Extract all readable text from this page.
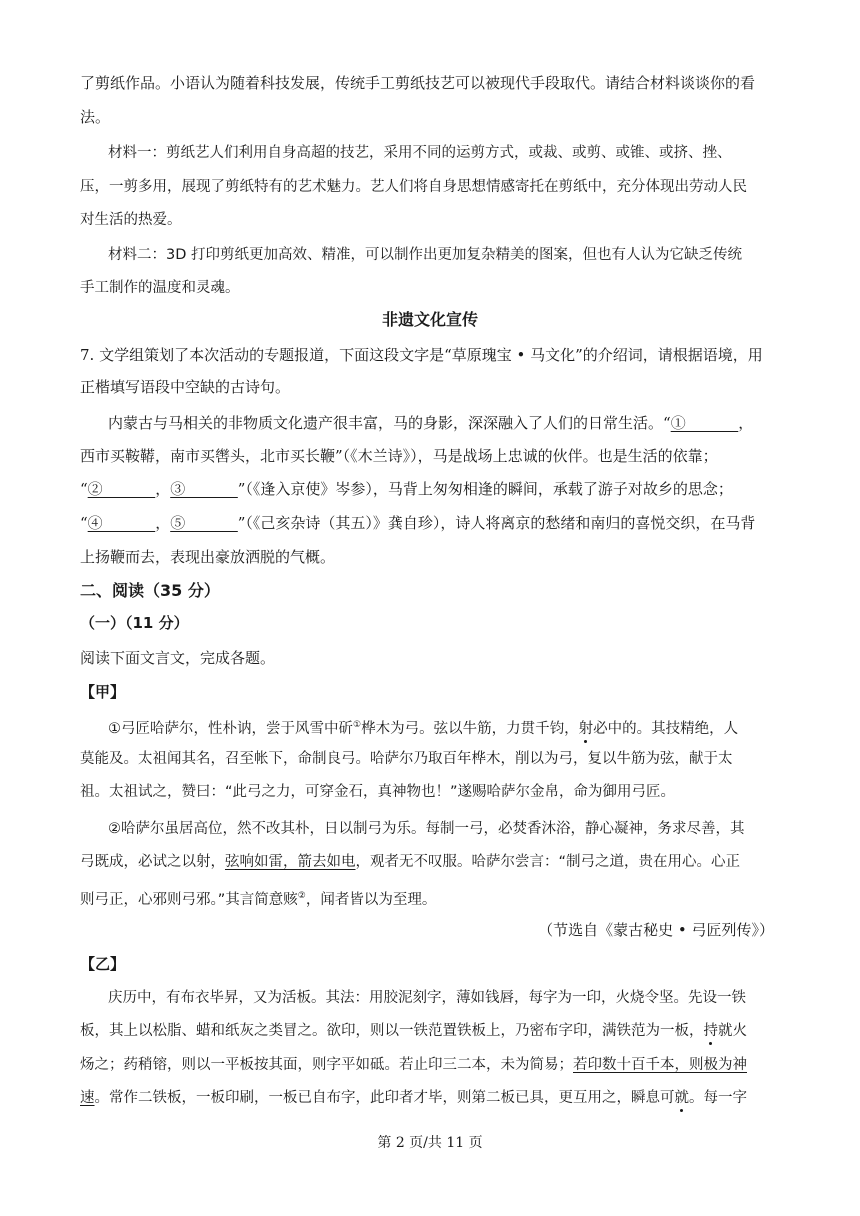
了剪纸作品。小语认为随着科技发展，传统手工剪纸技艺可以被现代手段取代。请结合材料谈谈你的看
法。
材料一：剪纸艺人们利用自身高超的技艺，采用不同的运剪方式，或裁、或剪、或锥、或挤、挫、
压，一剪多用，展现了剪纸特有的艺术魅力。艺人们将自身思想情感寄托在剪纸中，充分体现出劳动人民
对生活的热爱。
材料二：3D 打印剪纸更加高效、精准，可以制作出更加复杂精美的图案，但也有人认为它缺乏传统
手工制作的温度和灵魂。
非遗文化宣传
7. 文学组策划了本次活动的专题报道，下面这段文字是“草原瑰宝 • 马文化”的介绍词，请根据语境，用
正楷填写语段中空缺的古诗句。
内蒙古与马相关的非物质文化遗产很丰富，马的身影，深深融入了人们的日常生活。“①_______，
西市买鞍鞯，南市买辔头，北市买长鞭”（《木兰诗》），马是战场上忠诚的伙伴。也是生活的依靠；
“②_______，③_______”（《逢入京使》岑参），马背上匆匆相逢的瞬间，承载了游子对故乡的思念；
“④_______，⑤_______”（《己亥杂诗（其五）》龚自珍），诗人将离京的愁绪和南归的喜悦交织，在马背
上扬鞭而去，表现出豪放洒脱的气概。
二、阅读（35 分）
（一）（11 分）
阅读下面文言文，完成各题。
【甲】
①弓匠哈萨尔，性朴讷，尝于风雪中斫①桦木为弓。弦以牛筋，力贯千钧，射必中的。其技精绝，人
莫能及。太祖闻其名，召至帐下，命制良弓。哈萨尔乃取百年桦木，削以为弓，复以牛筋为弦，献于太
祖。太祖试之，赞曰：“此弓之力，可穿金石，真神物也！”遂赐哈萨尔金帛，命为御用弓匠。
②哈萨尔虽居高位，然不改其朴，日以制弓为乐。每制一弓，必焚香沐浴，静心凝神，务求尽善，其
弓既成，必试之以射，弦响如雷，箭去如电，观者无不叹服。哈萨尔尝言：“制弓之道，贵在用心。心正
则弓正，心邪则弓邪。”其言简意赅②，闻者皆以为至理。
（节选自《蒙古秘史 • 弓匠列传》）
【乙】
庆历中，有布衣毕昇，又为活板。其法：用胶泥刻字，薄如钱唇，每字为一印，火烧令坚。先设一铁
板，其上以松脂、蜡和纸灰之类冒之。欲印，则以一铁范置铁板上，乃密布字印，满铁范为一板，持就火
炀之；药稍镕，则以一平板按其面，则字平如砥。若止印三二本，未为简易；若印数十百千本，则极为神
速。常作二铁板，一板印刷，一板已自布字，此印者才毕，则第二板已具，更互用之，瞬息可就。每一字
第 2 页/共 11 页
